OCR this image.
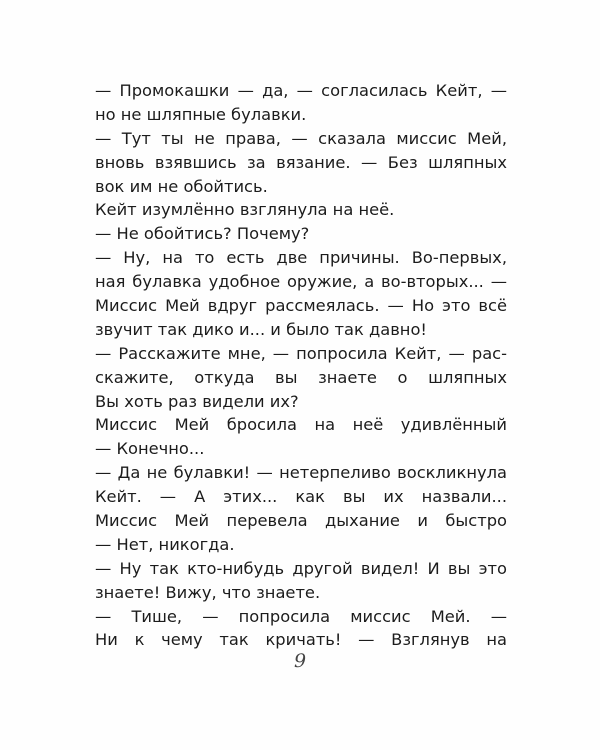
— Промокашки — да, — согласилась Кейт, —
но не шляпные булавки.
— Тут ты не права, — сказала миссис Мей,
вновь взявшись за вязание. — Без шляпных
вок им не обойтись.
Кейт изумлённо взглянула на неё.
— Не обойтись? Почему?
— Ну, на то есть две причины. Во-первых,
ная булавка удобное оружие, а во-вторых... —
Миссис Мей вдруг рассмеялась. — Но это всё
звучит так дико и... и было так давно!
— Расскажите мне, — попросила Кейт, — рас-
скажите, откуда вы знаете о шляпных
Вы хоть раз видели их?
Миссис Мей бросила на неё удивлённый
— Конечно...
— Да не булавки! — нетерпеливо воскликнула
Кейт. — А этих... как вы их назвали...
Миссис Мей перевела дыхание и быстро
— Нет, никогда.
— Ну так кто-нибудь другой видел! И вы это
знаете! Вижу, что знаете.
— Тише, — попросила миссис Мей. —
Ни к чему так кричать! — Взглянув на
9
